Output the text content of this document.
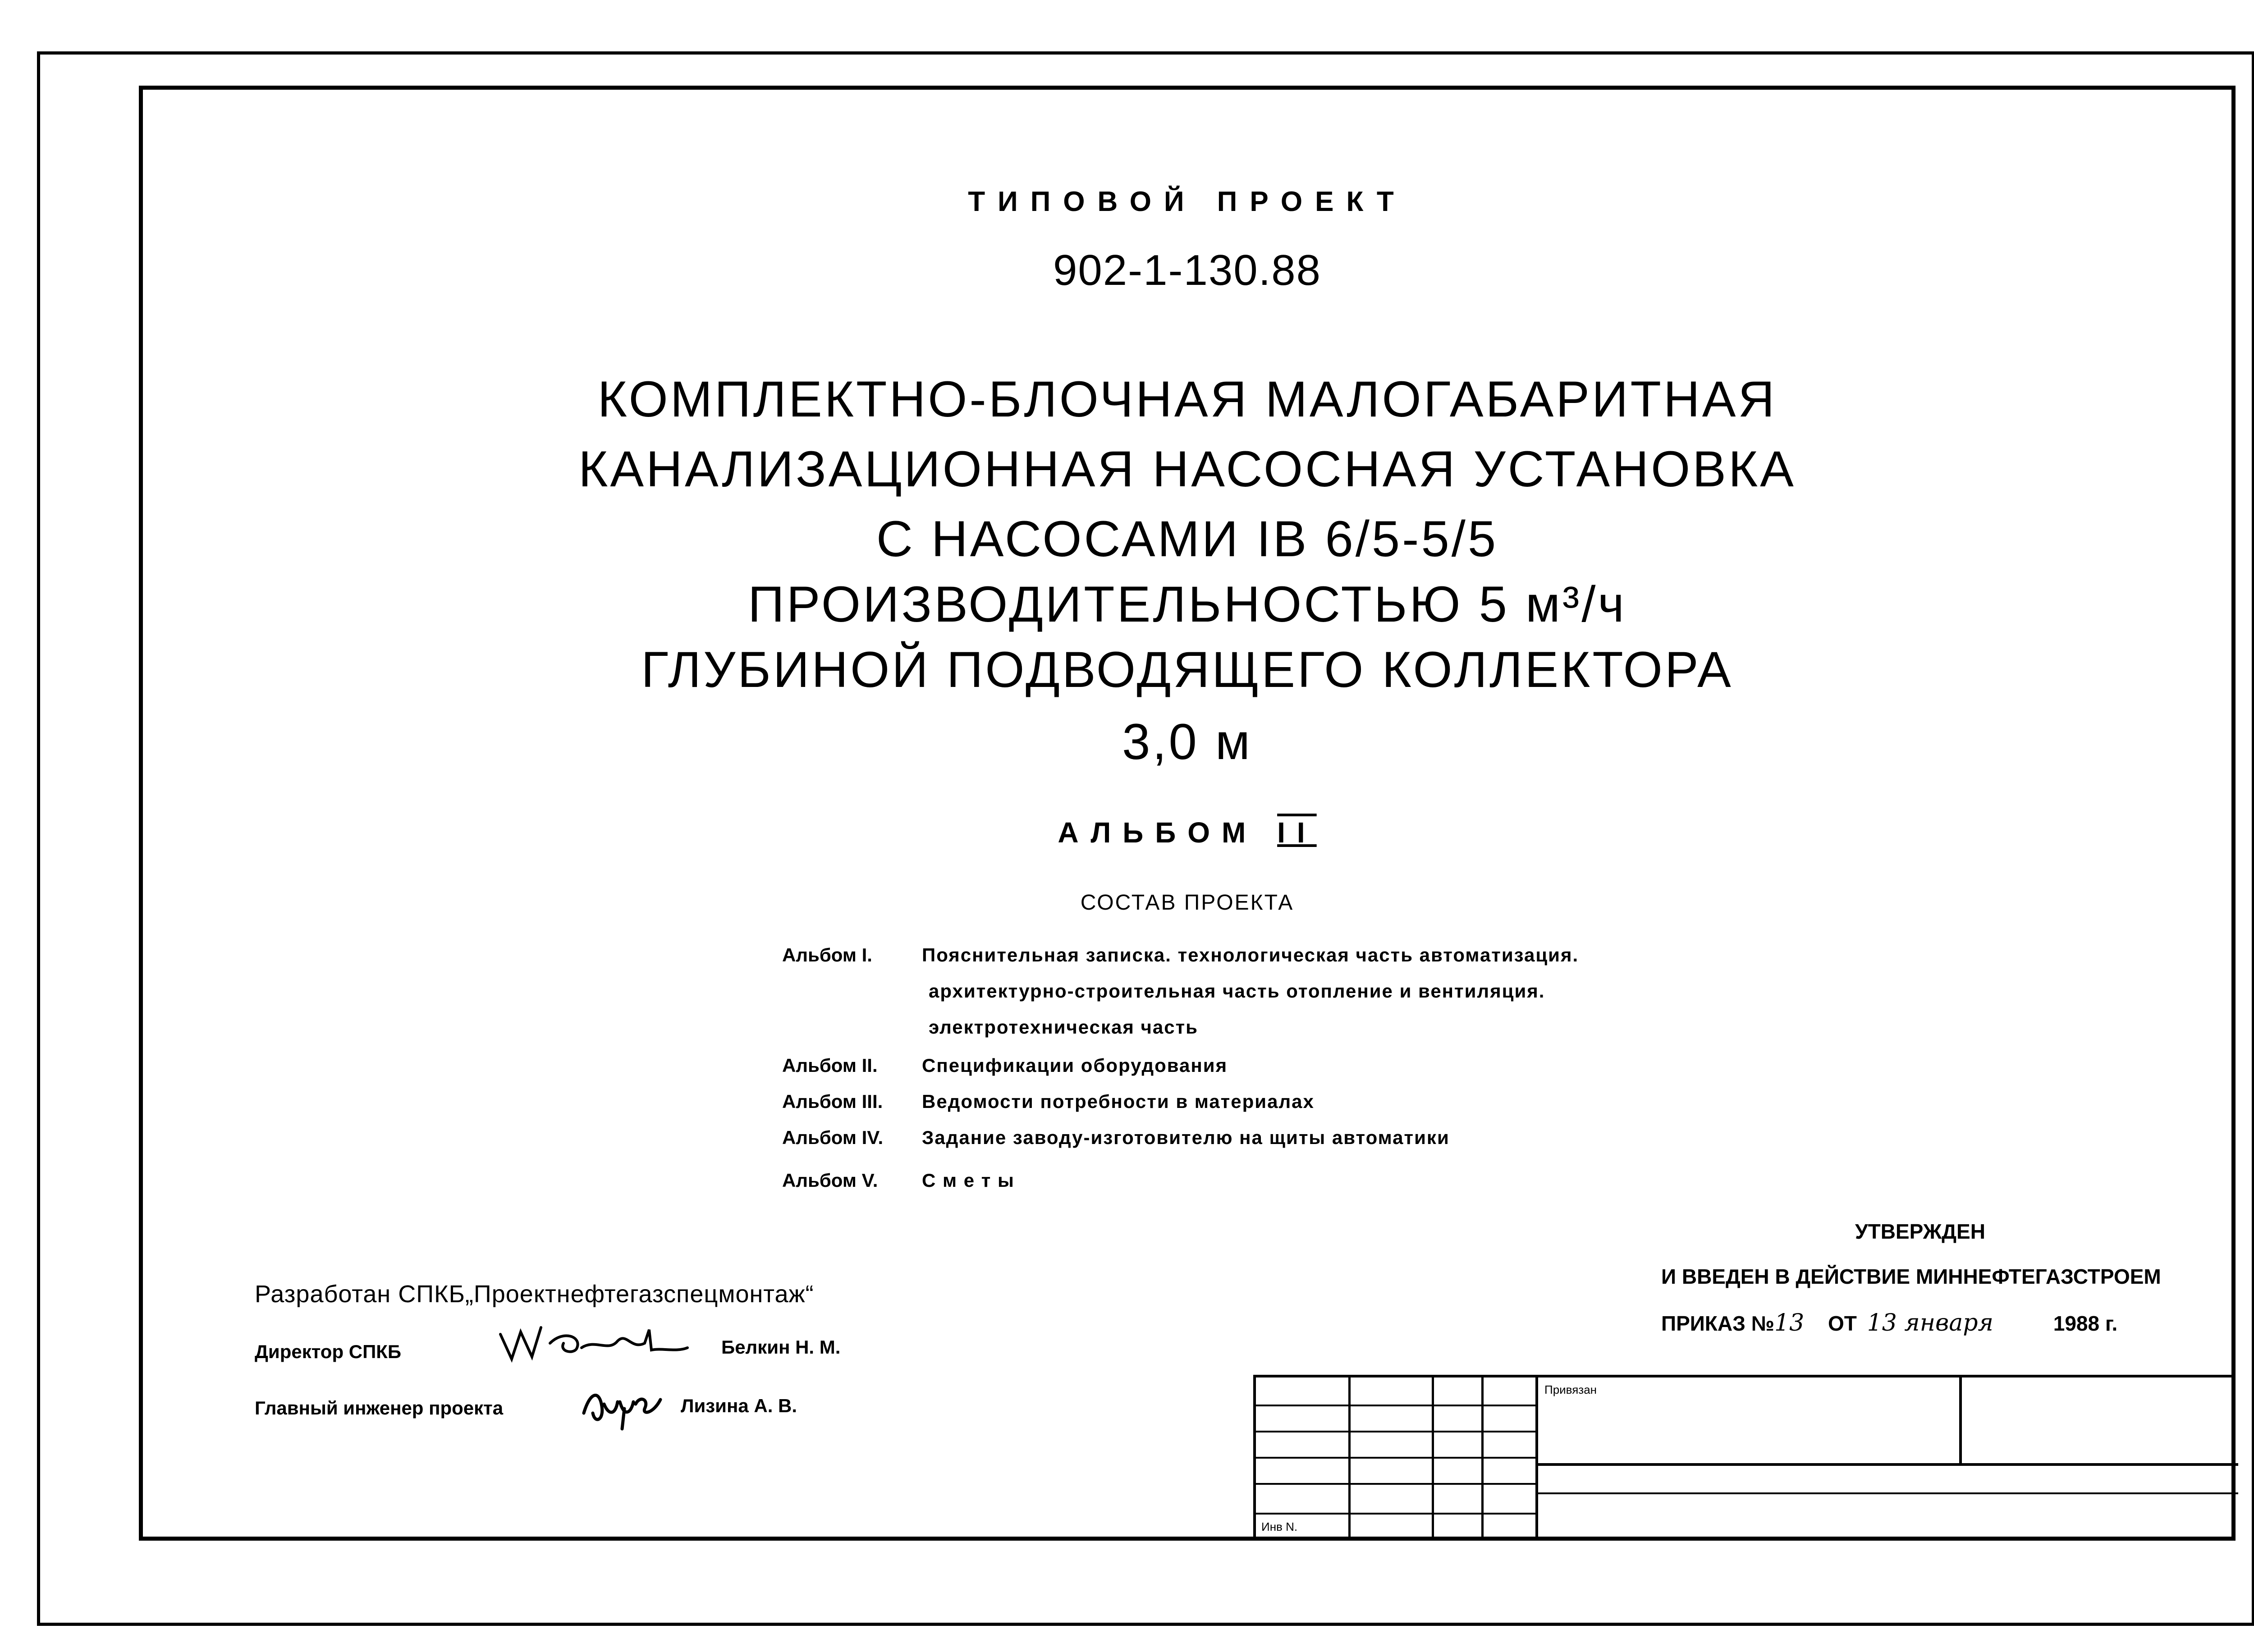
ТИПОВОЙ ПРОЕКТ
902-1-130.88
КОМПЛЕКТНО-БЛОЧНАЯ МАЛОГАБАРИТНАЯ
КАНАЛИЗАЦИОННАЯ НАСОСНАЯ УСТАНОВКА
С НАСОСАМИ IВ 6/5-5/5
ПРОИЗВОДИТЕЛЬНОСТЬЮ 5 м³/ч
ГЛУБИНОЙ ПОДВОДЯЩЕГО КОЛЛЕКТОРА
3,0 м
АЛЬБОМ II
СОСТАВ ПРОЕКТА
Альбом I.	Пояснительная записка. технологическая часть автоматизация.
архитектурно-строительная часть отопление и вентиляция.
электротехническая часть
Альбом II. Спецификации оборудования
Альбом III. Ведомости потребности в материалах
Альбом IV. Задание заводу-изготовителю на щиты автоматики
Альбом V. С м е т ы
Разработан СПКБ„Проектнефтегазспецмонтаж“
Директор СПКБ	Белкин Н. М.
Главный инженер проекта	Лизина А. В.
УТВЕРЖДЕН
И ВВЕДЕН В ДЕЙСТВИЕ МИННЕФТЕГАЗСТРОЕМ
ПРИКАЗ №13 ОТ 13 января	1988 г.
Привязан
Инв N.
